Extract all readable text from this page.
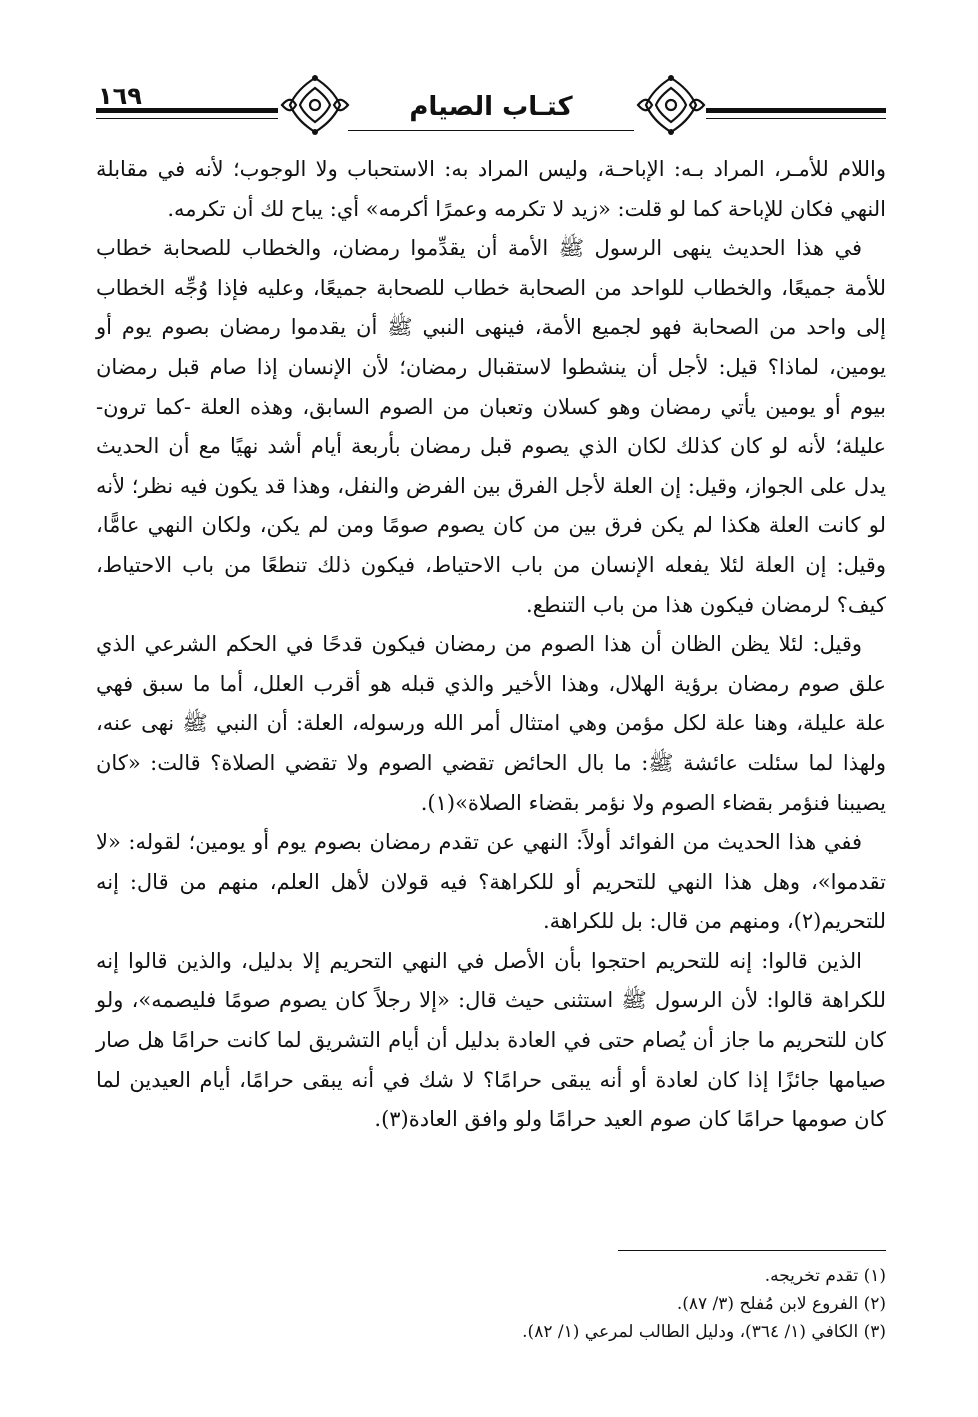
١٦٩	كتـاب الصيام

واللام للأمـر، المراد بـه: الإباحـة، وليس المراد به: الاستحباب ولا الوجوب؛ لأنه في مقابلة النهي فكان للإباحة كما لو قلت: «زيد لا تكرمه وعمرًا أكرمه» أي: يباح لك أن تكرمه.

في هذا الحديث ينهى الرسول ﷺ الأمة أن يقدِّموا رمضان، والخطاب للصحابة خطاب للأمة جميعًا، والخطاب للواحد من الصحابة خطاب للصحابة جميعًا، وعليه فإذا وُجِّه الخطاب إلى واحد من الصحابة فهو لجميع الأمة، فينهى النبي ﷺ أن يقدموا رمضان بصوم يوم أو يومين، لماذا؟ قيل: لأجل أن ينشطوا لاستقبال رمضان؛ لأن الإنسان إذا صام قبل رمضان بيوم أو يومين يأتي رمضان وهو كسلان وتعبان من الصوم السابق، وهذه العلة -كما ترون- عليلة؛ لأنه لو كان كذلك لكان الذي يصوم قبل رمضان بأربعة أيام أشد نهيًا مع أن الحديث يدل على الجواز، وقيل: إن العلة لأجل الفرق بين الفرض والنفل، وهذا قد يكون فيه نظر؛ لأنه لو كانت العلة هكذا لم يكن فرق بين من كان يصوم صومًا ومن لم يكن، ولكان النهي عامًّا، وقيل: إن العلة لئلا يفعله الإنسان من باب الاحتياط، فيكون ذلك تنطعًا من باب الاحتياط، كيف؟ لرمضان فيكون هذا من باب التنطع.

وقيل: لئلا يظن الظان أن هذا الصوم من رمضان فيكون قدحًا في الحكم الشرعي الذي علق صوم رمضان برؤية الهلال، وهذا الأخير والذي قبله هو أقرب العلل، أما ما سبق فهي علة عليلة، وهنا علة لكل مؤمن وهي امتثال أمر الله ورسوله، العلة: أن النبي ﷺ نهى عنه، ولهذا لما سئلت عائشة ﷺ: ما بال الحائض تقضي الصوم ولا تقضي الصلاة؟ قالت: «كان يصيبنا فنؤمر بقضاء الصوم ولا نؤمر بقضاء الصلاة»(١).

ففي هذا الحديث من الفوائد أولاً: النهي عن تقدم رمضان بصوم يوم أو يومين؛ لقوله: «لا تقدموا»، وهل هذا النهي للتحريم أو للكراهة؟ فيه قولان لأهل العلم، منهم من قال: إنه للتحريم(٢)، ومنهم من قال: بل للكراهة.

الذين قالوا: إنه للتحريم احتجوا بأن الأصل في النهي التحريم إلا بدليل، والذين قالوا إنه للكراهة قالوا: لأن الرسول ﷺ استثنى حيث قال: «إلا رجلاً كان يصوم صومًا فليصمه»، ولو كان للتحريم ما جاز أن يُصام حتى في العادة بدليل أن أيام التشريق لما كانت حرامًا هل صار صيامها جائزًا إذا كان لعادة أو أنه يبقى حرامًا؟ لا شك في أنه يبقى حرامًا، أيام العيدين لما كان صومها حرامًا كان صوم العيد حرامًا ولو وافق العادة(٣).

(١) تقدم تخريجه.
(٢) الفروع لابن مُفلح (٣/ ٨٧).
(٣) الكافي (١/ ٣٦٤)، ودليل الطالب لمرعي (١/ ٨٢).
